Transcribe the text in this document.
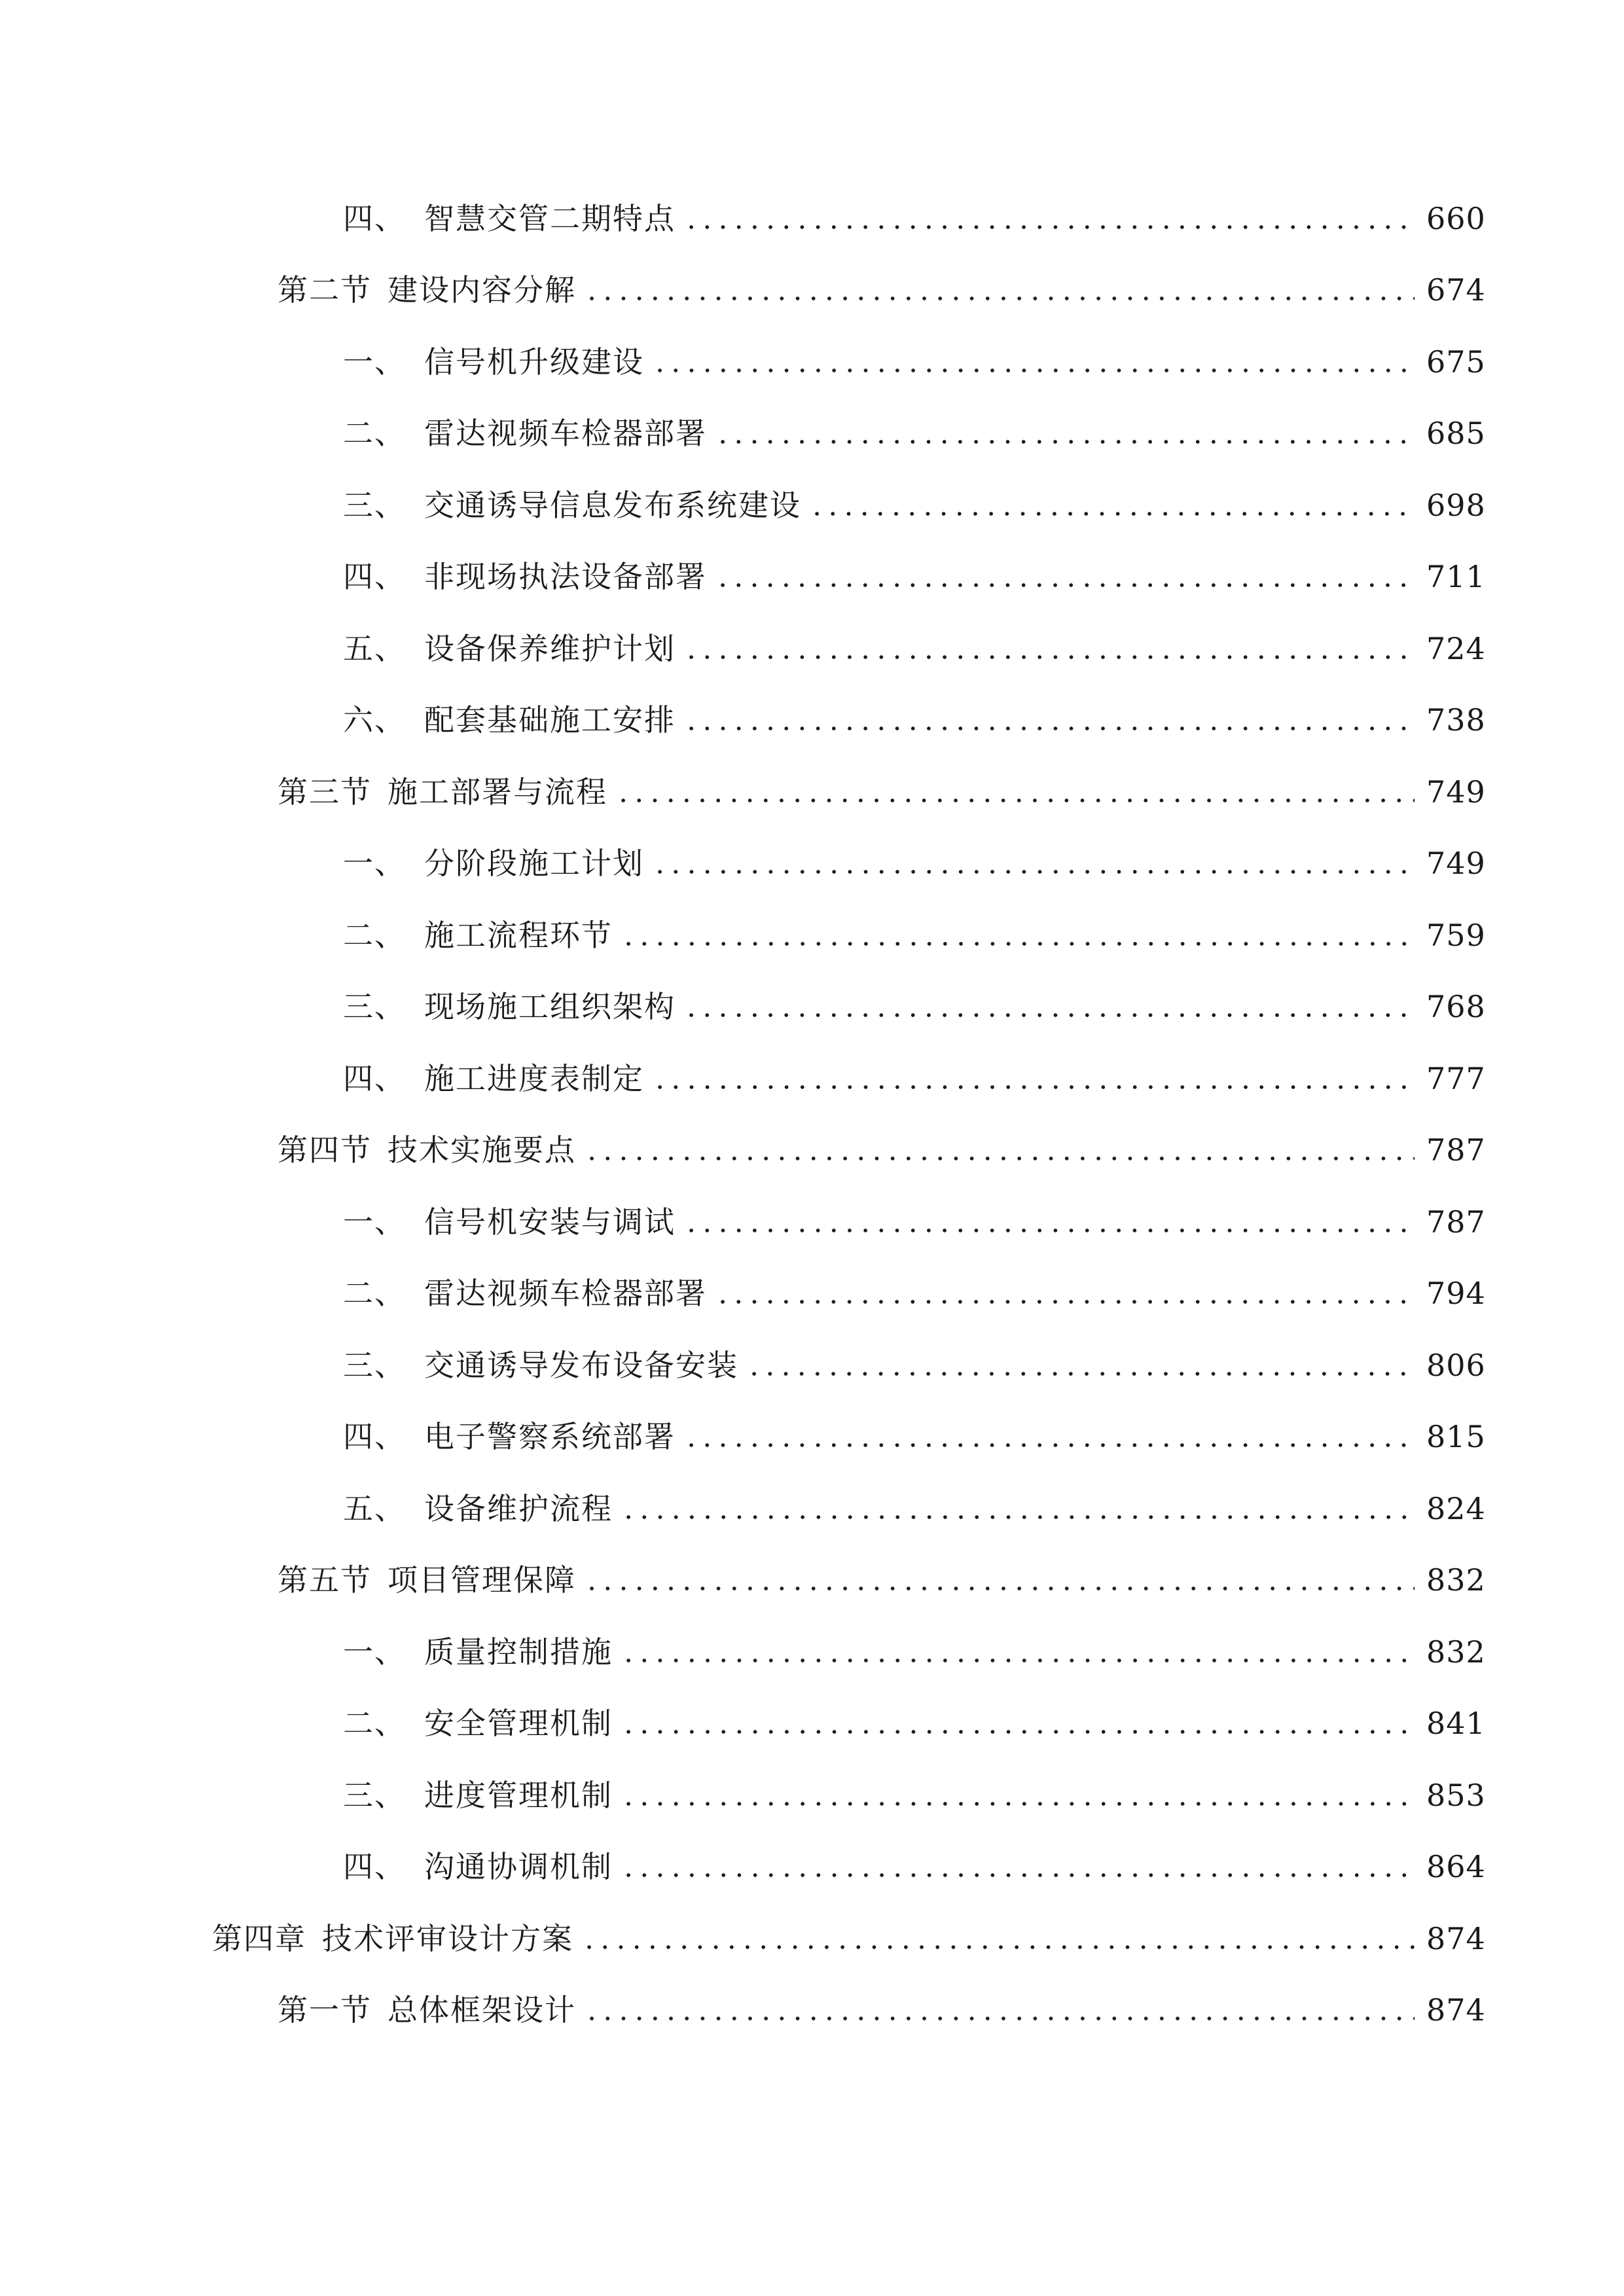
四、 智慧交管二期特点	660
第二节 建设内容分解	674
一、 信号机升级建设	675
二、 雷达视频车检器部署	685
三、 交通诱导信息发布系统建设	698
四、 非现场执法设备部署	711
五、 设备保养维护计划	724
六、 配套基础施工安排	738
第三节 施工部署与流程	749
一、 分阶段施工计划	749
二、 施工流程环节	759
三、 现场施工组织架构	768
四、 施工进度表制定	777
第四节 技术实施要点	787
一、 信号机安装与调试	787
二、 雷达视频车检器部署	794
三、 交通诱导发布设备安装	806
四、 电子警察系统部署	815
五、 设备维护流程	824
第五节 项目管理保障	832
一、 质量控制措施	832
二、 安全管理机制	841
三、 进度管理机制	853
四、 沟通协调机制	864
第四章 技术评审设计方案	874
第一节 总体框架设计	874
